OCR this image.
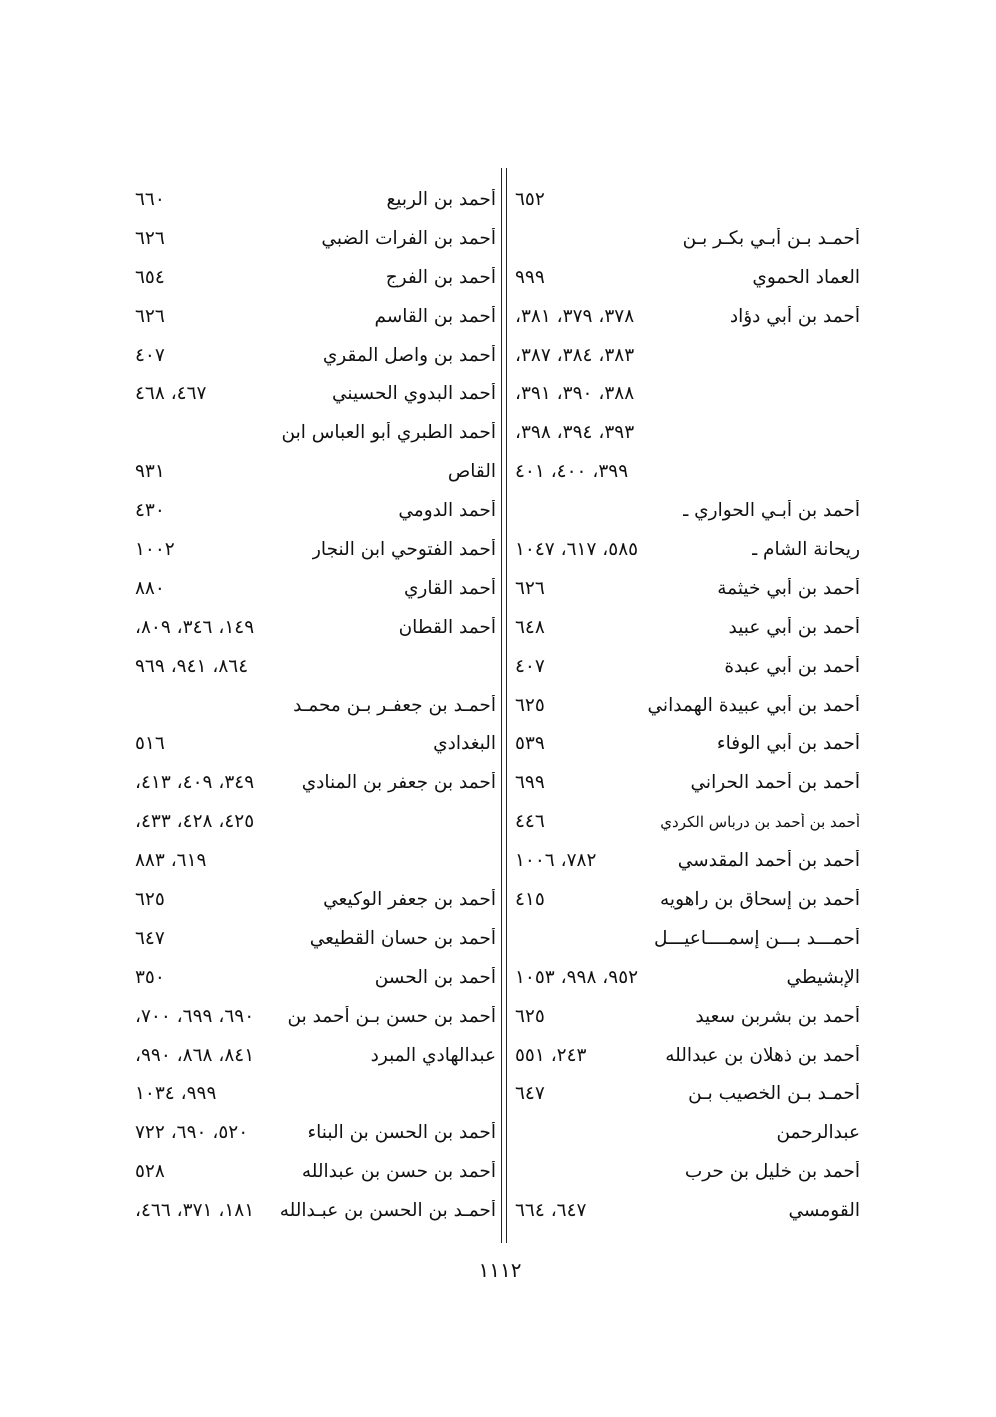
٦٥٢
أحمـد بـن أبـي بكـر بـن
العماد الحموي
٩٩٩
أحمد بن أبي دؤاد
٣٧٨، ٣٧٩، ٣٨١،
٣٨٣، ٣٨٤، ٣٨٧،
٣٨٨، ٣٩٠، ٣٩١،
٣٩٣، ٣٩٤، ٣٩٨،
٣٩٩، ٤٠٠، ٤٠١
أحمد بن أبـي الحواري ـ
ريحانة الشام ـ
٥٨٥، ٦١٧، ١٠٤٧
أحمد بن أبي خيثمة
٦٢٦
أحمد بن أبي عبيد
٦٤٨
أحمد بن أبي عبدة
٤٠٧
أحمد بن أبي عبيدة الهمداني
٦٢٥
أحمد بن أبي الوفاء
٥٣٩
أحمد بن أحمد الحراني
٦٩٩
أحمد بن أحمد بن درباس الكردي
٤٤٦
أحمد بن أحمد المقدسي
٧٨٢، ١٠٠٦
أحمد بن إسحاق بن راهويه
٤١٥
أحمـــد بـــن إسمــــاعيـــل
الإبشيطي
٩٥٢، ٩٩٨، ١٠٥٣
أحمد بن بشربن سعيد
٦٢٥
أحمد بن ذهلان بن عبدالله
٢٤٣، ٥٥١
أحمـد بـن الخصيب بـن
٦٤٧
عبدالرحمن
أحمد بن خليل بن حرب
القومسي
٦٤٧، ٦٦٤
أحمد بن الربيع
٦٦٠
أحمد بن الفرات الضبي
٦٢٦
أحمد بن الفرج
٦٥٤
أحمد بن القاسم
٦٢٦
أحمد بن واصل المقري
٤٠٧
أحمد البدوي الحسيني
٤٦٧، ٤٦٨
أحمد الطبري أبو العباس ابن
القاص
٩٣١
أحمد الدومي
٤٣٠
أحمد الفتوحي ابن النجار
١٠٠٢
أحمد القاري
٨٨٠
أحمد القطان
١٤٩، ٣٤٦، ٨٠٩،
٨٦٤، ٩٤١، ٩٦٩
أحمـد بن جعفـر بـن محمـد
البغدادي
٥١٦
أحمد بن جعفر بن المنادي
٣٤٩، ٤٠٩، ٤١٣،
٤٢٥، ٤٢٨، ٤٣٣،
٦١٩، ٨٨٣
أحمد بن جعفر الوكيعي
٦٢٥
أحمد بن حسان القطيعي
٦٤٧
أحمد بن الحسن
٣٥٠
أحمد بن حسن بـن أحمد بن
٦٩٠، ٦٩٩، ٧٠٠،
عبدالهادي المبرد
٨٤١، ٨٦٨، ٩٩٠،
٩٩٩، ١٠٣٤
أحمد بن الحسن بن البناء
٥٢٠، ٦٩٠، ٧٢٢
أحمد بن حسن بن عبدالله
٥٢٨
أحمـد بن الحسن بن عبـدالله
١٨١، ٣٧١، ٤٦٦،
١١١٢
